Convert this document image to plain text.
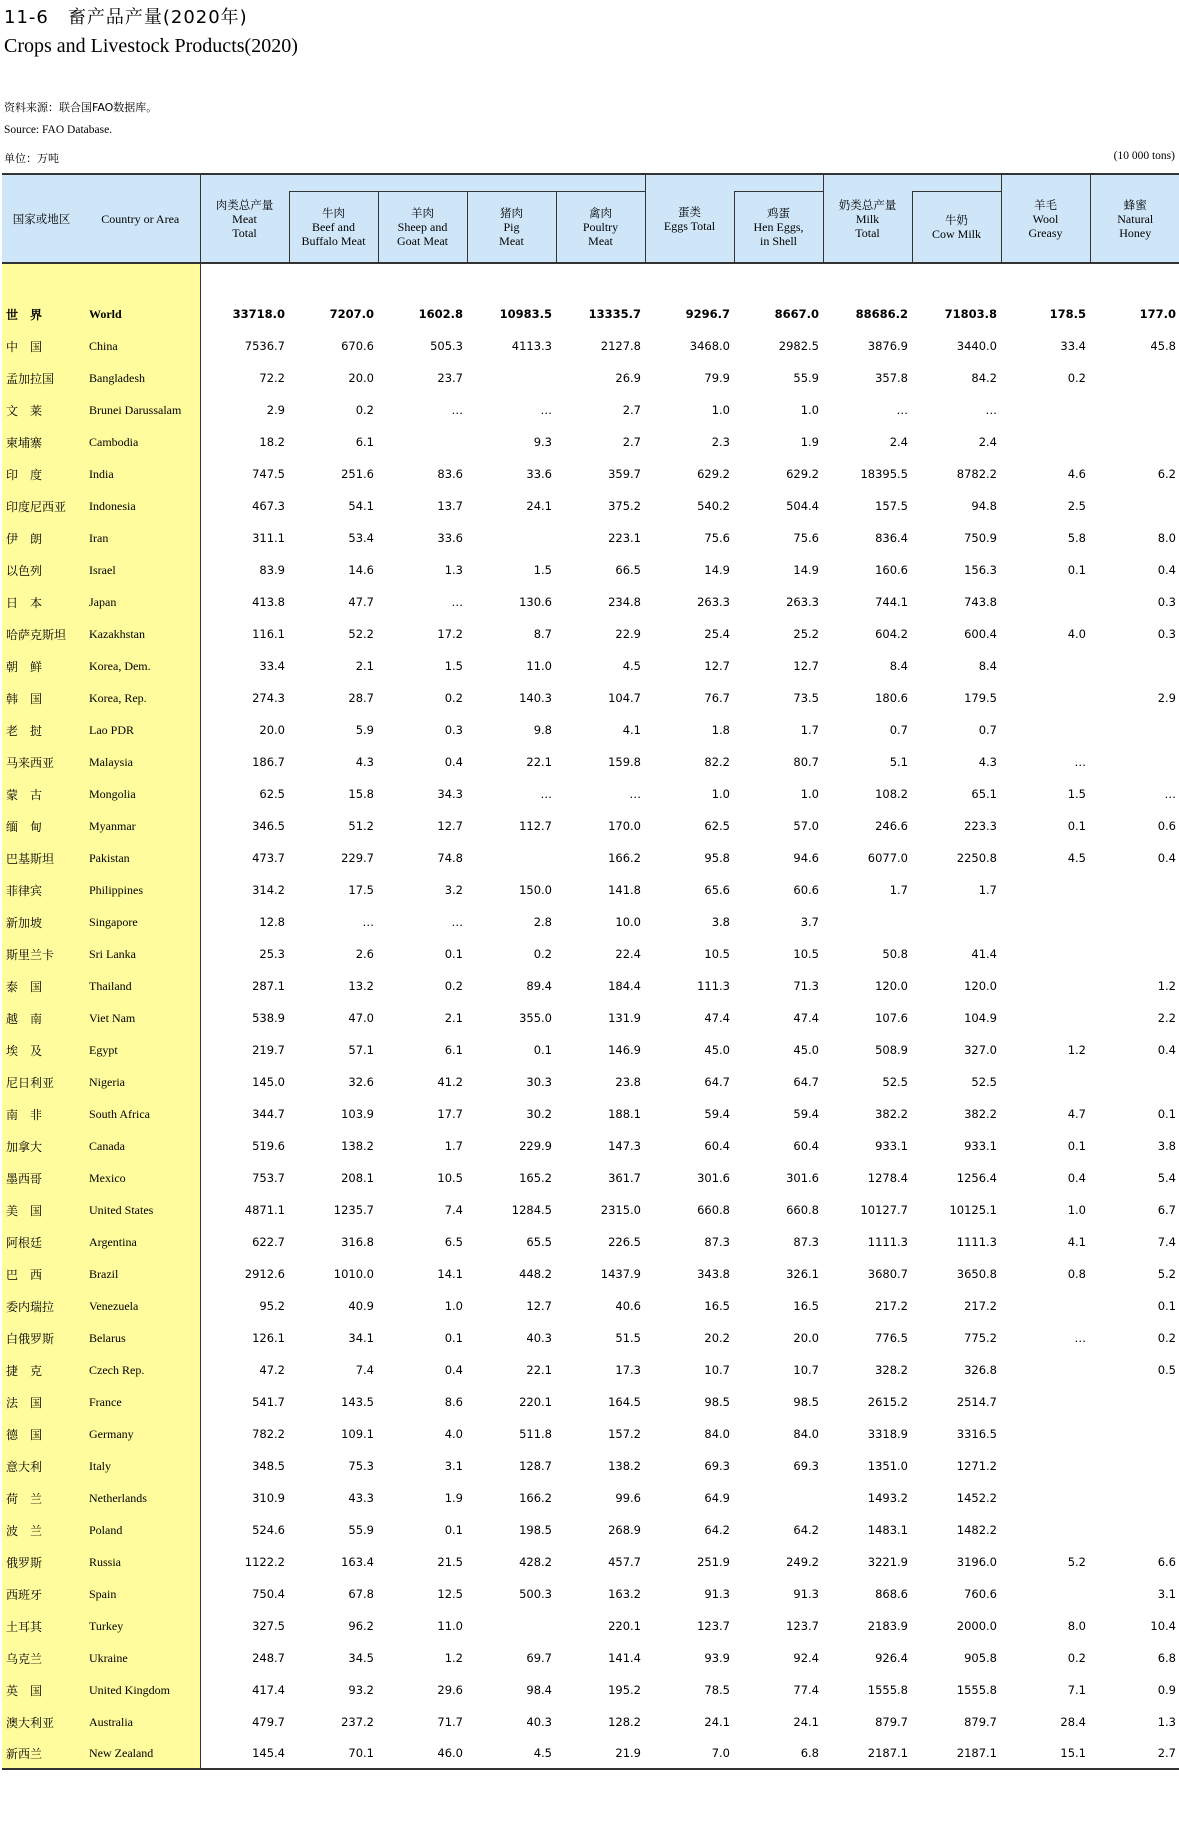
11-6　畜产品产量(2020年)
Crops and Livestock Products(2020)
资料来源：联合国FAO数据库。
Source: FAO Database.
单位：万吨	(10 000 tons)
国家或地区	Country or Area	肉类总产量
Meat
Total					蛋类
Eggs Total		奶类总产量
Milk
Total		羊毛
Wool
Greasy	蜂蜜
Natural
Honey

			牛肉
Beef and
Buffalo Meat	羊肉
Sheep and
Goat Meat	猪肉
Pig
Meat	禽肉
Poultry
Meat		鸡蛋
Hen Eggs,
in Shell		牛奶
Cow Milk		

世　界	World	33718.0	7207.0	1602.8	10983.5	13335.7	9296.7	8667.0	88686.2	71803.8	178.5	177.0
中　国	China	7536.7	670.6	505.3	4113.3	2127.8	3468.0	2982.5	3876.9	3440.0	33.4	45.8
孟加拉国	Bangladesh	72.2	20.0	23.7		26.9	79.9	55.9	357.8	84.2	0.2	
文　莱	Brunei Darussalam	2.9	0.2	…	…	2.7	1.0	1.0	…	…		
柬埔寨	Cambodia	18.2	6.1		9.3	2.7	2.3	1.9	2.4	2.4		
印　度	India	747.5	251.6	83.6	33.6	359.7	629.2	629.2	18395.5	8782.2	4.6	6.2
印度尼西亚	Indonesia	467.3	54.1	13.7	24.1	375.2	540.2	504.4	157.5	94.8	2.5	
伊　朗	Iran	311.1	53.4	33.6		223.1	75.6	75.6	836.4	750.9	5.8	8.0
以色列	Israel	83.9	14.6	1.3	1.5	66.5	14.9	14.9	160.6	156.3	0.1	0.4
日　本	Japan	413.8	47.7	…	130.6	234.8	263.3	263.3	744.1	743.8		0.3
哈萨克斯坦	Kazakhstan	116.1	52.2	17.2	8.7	22.9	25.4	25.2	604.2	600.4	4.0	0.3
朝　鲜	Korea, Dem.	33.4	2.1	1.5	11.0	4.5	12.7	12.7	8.4	8.4		
韩　国	Korea, Rep.	274.3	28.7	0.2	140.3	104.7	76.7	73.5	180.6	179.5		2.9
老　挝	Lao PDR	20.0	5.9	0.3	9.8	4.1	1.8	1.7	0.7	0.7		
马来西亚	Malaysia	186.7	4.3	0.4	22.1	159.8	82.2	80.7	5.1	4.3	…	
蒙　古	Mongolia	62.5	15.8	34.3	…	…	1.0	1.0	108.2	65.1	1.5	…
缅　甸	Myanmar	346.5	51.2	12.7	112.7	170.0	62.5	57.0	246.6	223.3	0.1	0.6
巴基斯坦	Pakistan	473.7	229.7	74.8		166.2	95.8	94.6	6077.0	2250.8	4.5	0.4
菲律宾	Philippines	314.2	17.5	3.2	150.0	141.8	65.6	60.6	1.7	1.7		
新加坡	Singapore	12.8	…	…	2.8	10.0	3.8	3.7				
斯里兰卡	Sri Lanka	25.3	2.6	0.1	0.2	22.4	10.5	10.5	50.8	41.4		
泰　国	Thailand	287.1	13.2	0.2	89.4	184.4	111.3	71.3	120.0	120.0		1.2
越　南	Viet Nam	538.9	47.0	2.1	355.0	131.9	47.4	47.4	107.6	104.9		2.2
埃　及	Egypt	219.7	57.1	6.1	0.1	146.9	45.0	45.0	508.9	327.0	1.2	0.4
尼日利亚	Nigeria	145.0	32.6	41.2	30.3	23.8	64.7	64.7	52.5	52.5		
南　非	South Africa	344.7	103.9	17.7	30.2	188.1	59.4	59.4	382.2	382.2	4.7	0.1
加拿大	Canada	519.6	138.2	1.7	229.9	147.3	60.4	60.4	933.1	933.1	0.1	3.8
墨西哥	Mexico	753.7	208.1	10.5	165.2	361.7	301.6	301.6	1278.4	1256.4	0.4	5.4
美　国	United States	4871.1	1235.7	7.4	1284.5	2315.0	660.8	660.8	10127.7	10125.1	1.0	6.7
阿根廷	Argentina	622.7	316.8	6.5	65.5	226.5	87.3	87.3	1111.3	1111.3	4.1	7.4
巴　西	Brazil	2912.6	1010.0	14.1	448.2	1437.9	343.8	326.1	3680.7	3650.8	0.8	5.2
委内瑞拉	Venezuela	95.2	40.9	1.0	12.7	40.6	16.5	16.5	217.2	217.2		0.1
白俄罗斯	Belarus	126.1	34.1	0.1	40.3	51.5	20.2	20.0	776.5	775.2	…	0.2
捷　克	Czech Rep.	47.2	7.4	0.4	22.1	17.3	10.7	10.7	328.2	326.8		0.5
法　国	France	541.7	143.5	8.6	220.1	164.5	98.5	98.5	2615.2	2514.7		
德　国	Germany	782.2	109.1	4.0	511.8	157.2	84.0	84.0	3318.9	3316.5		
意大利	Italy	348.5	75.3	3.1	128.7	138.2	69.3	69.3	1351.0	1271.2		
荷　兰	Netherlands	310.9	43.3	1.9	166.2	99.6	64.9		1493.2	1452.2		
波　兰	Poland	524.6	55.9	0.1	198.5	268.9	64.2	64.2	1483.1	1482.2		
俄罗斯	Russia	1122.2	163.4	21.5	428.2	457.7	251.9	249.2	3221.9	3196.0	5.2	6.6
西班牙	Spain	750.4	67.8	12.5	500.3	163.2	91.3	91.3	868.6	760.6		3.1
土耳其	Turkey	327.5	96.2	11.0		220.1	123.7	123.7	2183.9	2000.0	8.0	10.4
乌克兰	Ukraine	248.7	34.5	1.2	69.7	141.4	93.9	92.4	926.4	905.8	0.2	6.8
英　国	United Kingdom	417.4	93.2	29.6	98.4	195.2	78.5	77.4	1555.8	1555.8	7.1	0.9
澳大利亚	Australia	479.7	237.2	71.7	40.3	128.2	24.1	24.1	879.7	879.7	28.4	1.3
新西兰	New Zealand	145.4	70.1	46.0	4.5	21.9	7.0	6.8	2187.1	2187.1	15.1	2.7
